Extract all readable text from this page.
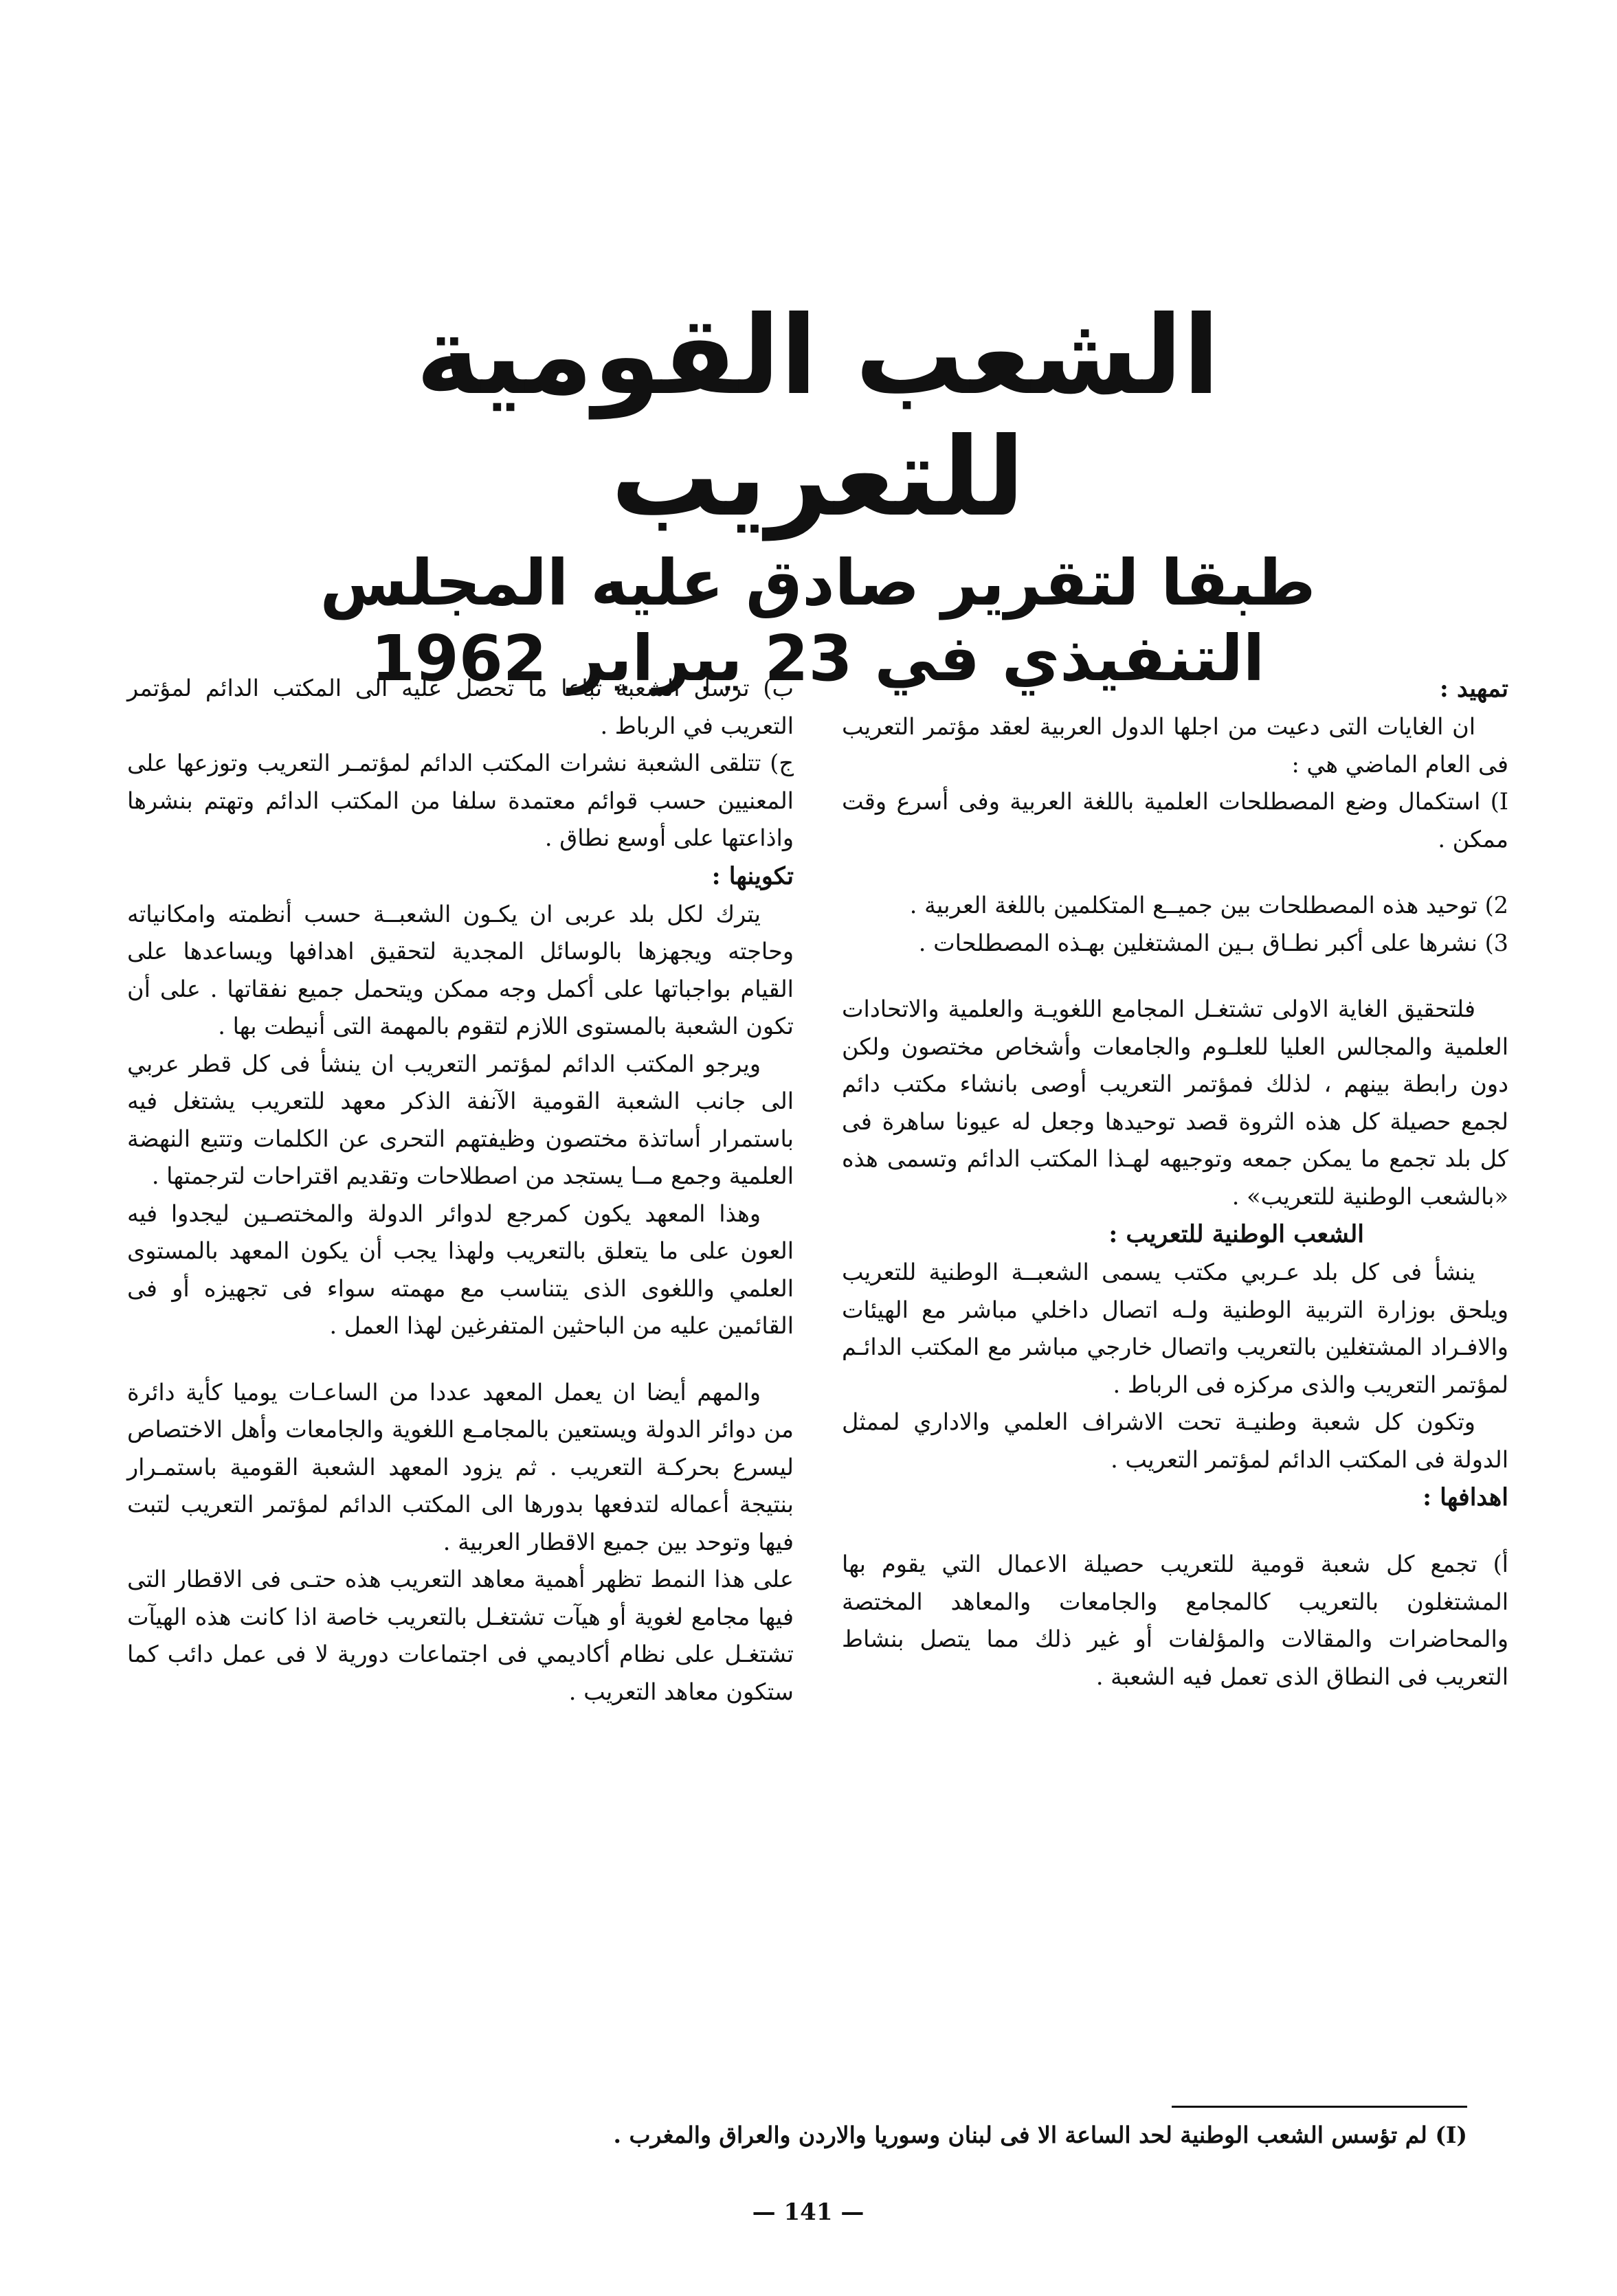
الشعب القومية للتعريب
طبقا لتقرير صادق عليه المجلس التنفيذي في 23 يبراير 1962	تمهيد :

ان الغايات التى دعيت من اجلها الدول العربية لعقد مؤتمر التعريب فى العام الماضي هي :

I) استكمال وضع المصطلحات العلمية باللغة العربية وفى أسرع وقت ممكن .

2) توحيد هذه المصطلحات بين جميــع المتكلمين باللغة العربية .

3) نشرها على أكبر نطـاق بـين المشتغلين بهـذه المصطلحات .

فلتحقيق الغاية الاولى تشتغـل المجامع اللغويـة والعلمية والاتحادات العلمية والمجالس العليا للعلـوم والجامعات وأشخاص مختصون ولكن دون رابطة بينهم ، لذلك فمؤتمر التعريب أوصى بانشاء مكتب دائم لجمع حصيلة كل هذه الثروة قصد توحيدها وجعل له عيونا ساهرة فى كل بلد تجمع ما يمكن جمعه وتوجيهه لهـذا المكتب الدائم وتسمى هذه «بالشعب الوطنية للتعريب» .

الشعب الوطنية للتعريب :

ينشأ فى كل بلد عـربي مكتب يسمى الشعبــة الوطنية للتعريب ويلحق بوزارة التربية الوطنية ولـه اتصال داخلي مباشر مع الهيئات والافـراد المشتغلين بالتعريب واتصال خارجي مباشر مع المكتب الدائـم لمؤتمر التعريب والذى مركزه فى الرباط .

وتكون كل شعبة وطنيـة تحت الاشراف العلمي والاداري لممثل الدولة فى المكتب الدائم لمؤتمر التعريب .

اهدافها :

أ) تجمع كل شعبة قومية للتعريب حصيلة الاعمال التي يقوم بها المشتغلون بالتعريب كالمجامع والجامعات والمعاهد المختصة والمحاضرات والمقالات والمؤلفات أو غير ذلك مما يتصل بنشاط التعريب فى النطاق الذى تعمل فيه الشعبة .

ب) ترسل الشعبة تباعا ما تحصل عليه الى المكتب الدائم لمؤتمر التعريب في الرباط .

ج) تتلقى الشعبة نشرات المكتب الدائم لمؤتمـر التعريب وتوزعها على المعنيين حسب قوائم معتمدة سلفا من المكتب الدائم وتهتم بنشرها واذاعتها على أوسع نطاق .

تكوينها :

يترك لكل بلد عربى ان يكـون الشعبــة حسب أنظمته وامكانياته وحاجته ويجهزها بالوسائل المجدية لتحقيق اهدافها ويساعدها على القيام بواجباتها على أكمل وجه ممكن ويتحمل جميع نفقاتها . على أن تكون الشعبة بالمستوى اللازم لتقوم بالمهمة التى أنيطت بها .

ويرجو المكتب الدائم لمؤتمر التعريب ان ينشأ فى كل قطر عربي الى جانب الشعبة القومية الآنفة الذكر معهد للتعريب يشتغل فيه باستمرار أساتذة مختصون وظيفتهم التحرى عن الكلمات وتتبع النهضة العلمية وجمع مــا يستجد من اصطلاحات وتقديم اقتراحات لترجمتها .

وهذا المعهد يكون كمرجع لدوائر الدولة والمختصـين ليجدوا فيه العون على ما يتعلق بالتعريب ولهذا يجب أن يكون المعهد بالمستوى العلمي واللغوى الذى يتناسب مع مهمته سواء فى تجهيزه أو فى القائمين عليه من الباحثين المتفرغين لهذا العمل .

والمهم أيضا ان يعمل المعهد عددا من الساعـات يوميا كأية دائرة من دوائر الدولة ويستعين بالمجامـع اللغوية والجامعات وأهل الاختصاص ليسرع بحركـة التعريب . ثم يزود المعهد الشعبة القومية باستمـرار بنتيجة أعماله لتدفعها بدورها الى المكتب الدائم لمؤتمر التعريب لتبت فيها وتوحد بين جميع الاقطار العربية .

على هذا النمط تظهر أهمية معاهد التعريب هذه حتـى فى الاقطار التى فيها مجامع لغوية أو هيآت تشتغـل بالتعريب خاصة اذا كانت هذه الهيآت تشتغـل على نظام أكاديمي فى اجتماعات دورية لا فى عمل دائب كما ستكون معاهد التعريب .

(I) لم تؤسس الشعب الوطنية لحد الساعة الا فى لبنان وسوريا والاردن والعراق والمغرب .
— 141 —
